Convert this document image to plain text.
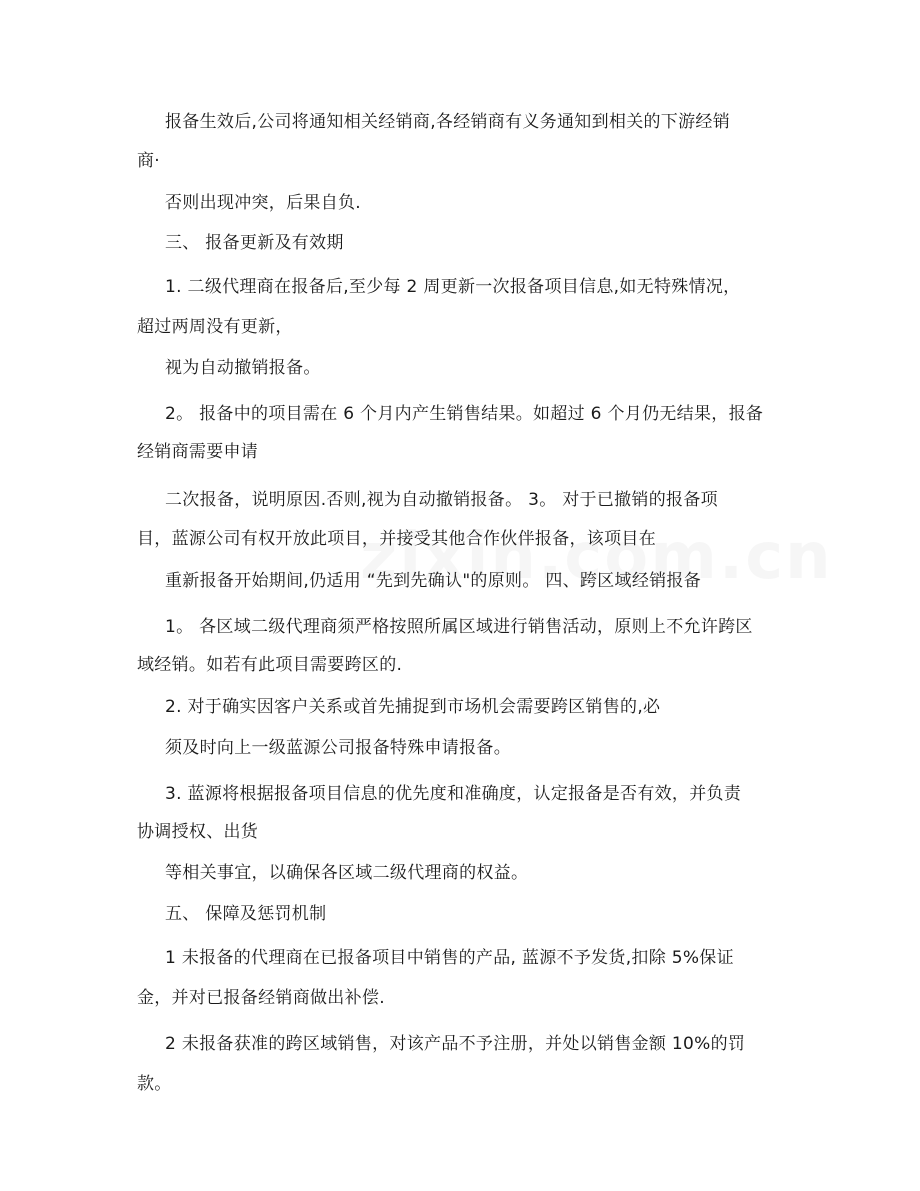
报备生效后,公司将通知相关经销商,各经销商有义务通知到相关的下游经销
商·
否则出现冲突，后果自负.
三、 报备更新及有效期
1. 二级代理商在报备后,至少每 2 周更新一次报备项目信息,如无特殊情况，
超过两周没有更新，
视为自动撤销报备。
2。 报备中的项目需在 6 个月内产生销售结果。如超过 6 个月仍无结果，报备
经销商需要申请
二次报备，说明原因.否则,视为自动撤销报备。 3。 对于已撤销的报备项
目，蓝源公司有权开放此项目，并接受其他合作伙伴报备，该项目在
重新报备开始期间,仍适用 “先到先确认"的原则。 四、跨区域经销报备
1。 各区域二级代理商须严格按照所属区域进行销售活动，原则上不允许跨区
域经销。如若有此项目需要跨区的.
2. 对于确实因客户关系或首先捕捉到市场机会需要跨区销售的,必
须及时向上一级蓝源公司报备特殊申请报备。
3. 蓝源将根据报备项目信息的优先度和准确度，认定报备是否有效，并负责
协调授权、出货
等相关事宜，以确保各区域二级代理商的权益。
五、 保障及惩罚机制
1 未报备的代理商在已报备项目中销售的产品, 蓝源不予发货,扣除 5%保证
金，并对已报备经销商做出补偿.
2 未报备获准的跨区域销售，对该产品不予注册，并处以销售金额 10%的罚
款。
